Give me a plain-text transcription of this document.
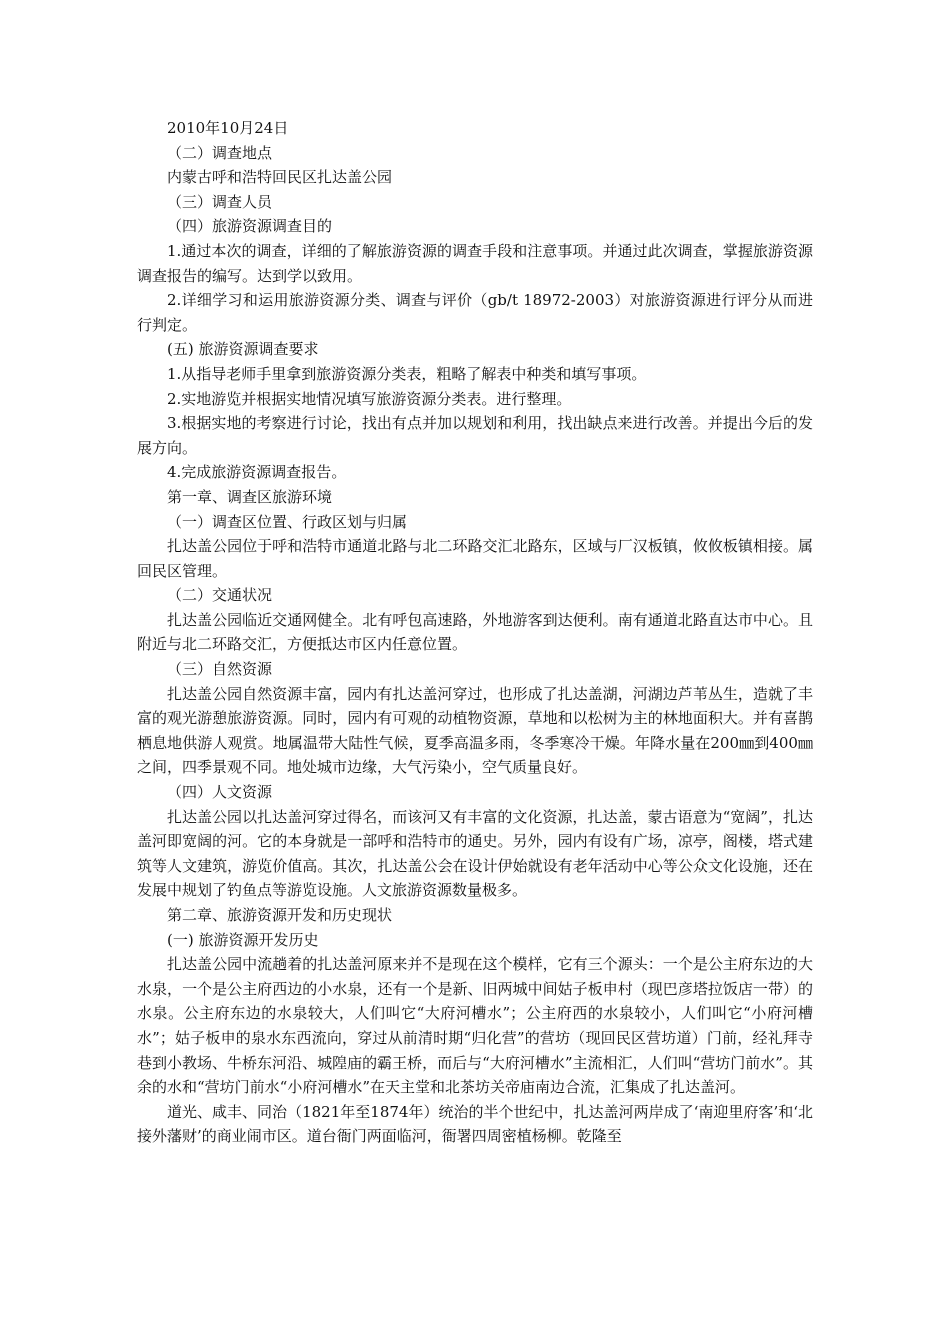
2010年10月24日
（二）调查地点
内蒙古呼和浩特回民区扎达盖公园
（三）调查人员
（四）旅游资源调查目的
1.通过本次的调查，详细的了解旅游资源的调查手段和注意事项。并通过此次调查，掌握旅游资源调查报告的编写。达到学以致用。
2.详细学习和运用旅游资源分类、调查与评价（gb/t 18972-2003）对旅游资源进行评分从而进行判定。
(五) 旅游资源调查要求
1.从指导老师手里拿到旅游资源分类表，粗略了解表中种类和填写事项。
2.实地游览并根据实地情况填写旅游资源分类表。进行整理。
3.根据实地的考察进行讨论，找出有点并加以规划和利用，找出缺点来进行改善。并提出今后的发展方向。
4.完成旅游资源调查报告。
第一章、调查区旅游环境
（一）调查区位置、行政区划与归属
扎达盖公园位于呼和浩特市通道北路与北二环路交汇北路东，区域与厂汉板镇，攸攸板镇相接。属回民区管理。
（二）交通状况
扎达盖公园临近交通网健全。北有呼包高速路，外地游客到达便利。南有通道北路直达市中心。且附近与北二环路交汇，方便抵达市区内任意位置。
（三）自然资源
扎达盖公园自然资源丰富，园内有扎达盖河穿过，也形成了扎达盖湖，河湖边芦苇丛生，造就了丰富的观光游憩旅游资源。同时，园内有可观的动植物资源，草地和以松树为主的林地面积大。并有喜鹊栖息地供游人观赏。地属温带大陆性气候，夏季高温多雨，冬季寒冷干燥。年降水量在200㎜到400㎜之间，四季景观不同。地处城市边缘，大气污染小，空气质量良好。
（四）人文资源
扎达盖公园以扎达盖河穿过得名，而该河又有丰富的文化资源，扎达盖，蒙古语意为“宽阔”，扎达盖河即宽阔的河。它的本身就是一部呼和浩特市的通史。另外，园内有设有广场，凉亭，阁楼，塔式建筑等人文建筑，游览价值高。其次，扎达盖公会在设计伊始就设有老年活动中心等公众文化设施，还在发展中规划了钓鱼点等游览设施。人文旅游资源数量极多。
第二章、旅游资源开发和历史现状
(一) 旅游资源开发历史
扎达盖公园中流趟着的扎达盖河原来并不是现在这个模样，它有三个源头：一个是公主府东边的大水泉，一个是公主府西边的小水泉，还有一个是新、旧两城中间姑子板申村（现巴彦塔拉饭店一带）的水泉。公主府东边的水泉较大，人们叫它“大府河槽水”；公主府西的水泉较小，人们叫它“小府河槽水”；姑子板申的泉水东西流向，穿过从前清时期“归化营”的营坊（现回民区营坊道）门前，经礼拜寺巷到小教场、牛桥东河沿、城隍庙的霸王桥，而后与“大府河槽水”主流相汇，人们叫“营坊门前水”。其余的水和“营坊门前水“小府河槽水”在天主堂和北茶坊关帝庙南边合流，汇集成了扎达盖河。
道光、咸丰、同治（1821年至1874年）统治的半个世纪中，扎达盖河两岸成了‘南迎里府客’和‘北接外藩财’的商业闹市区。道台衙门两面临河，衙署四周密植杨柳。乾隆至
